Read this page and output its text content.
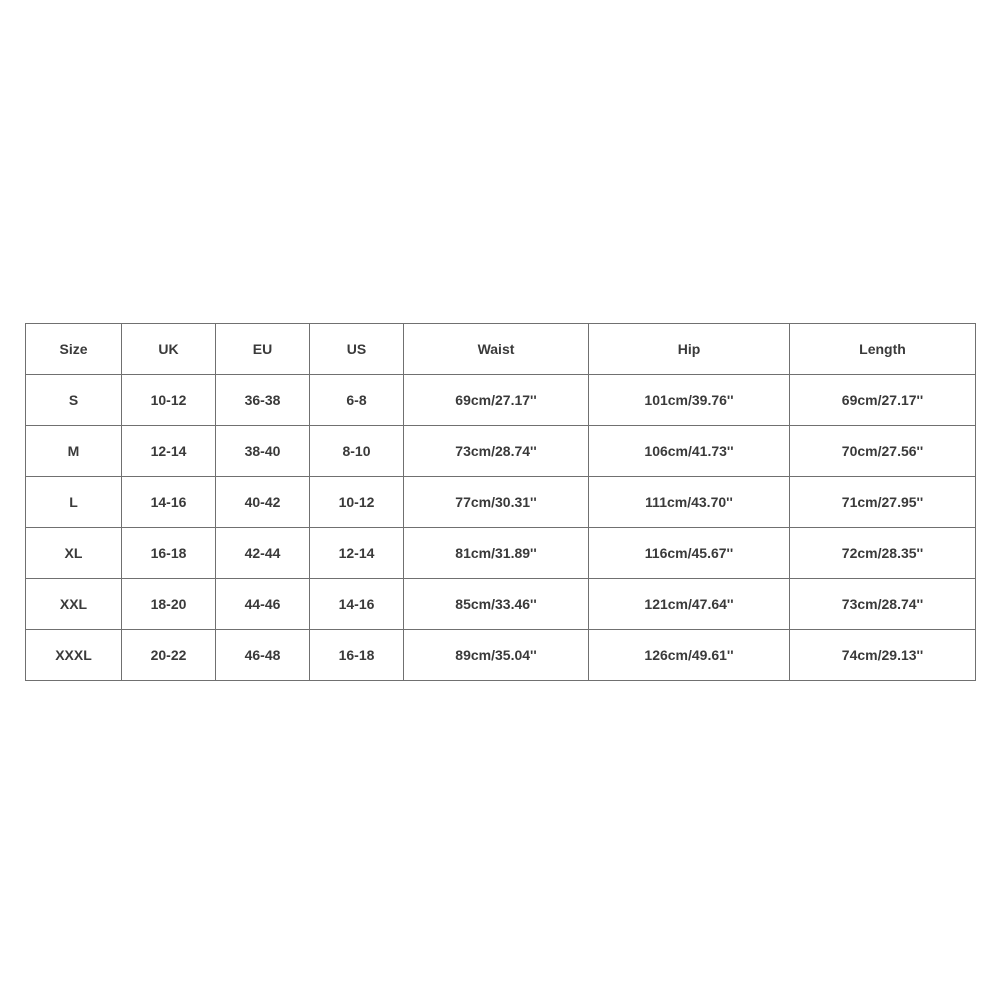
Size	UK	EU	US	Waist	Hip	Length
S	10-12	36-38	6-8	69cm/27.17''	101cm/39.76''	69cm/27.17''
M	12-14	38-40	8-10	73cm/28.74''	106cm/41.73''	70cm/27.56''
L	14-16	40-42	10-12	77cm/30.31''	111cm/43.70''	71cm/27.95''
XL	16-18	42-44	12-14	81cm/31.89''	116cm/45.67''	72cm/28.35''
XXL	18-20	44-46	14-16	85cm/33.46''	121cm/47.64''	73cm/28.74''
XXXL	20-22	46-48	16-18	89cm/35.04''	126cm/49.61''	74cm/29.13''
